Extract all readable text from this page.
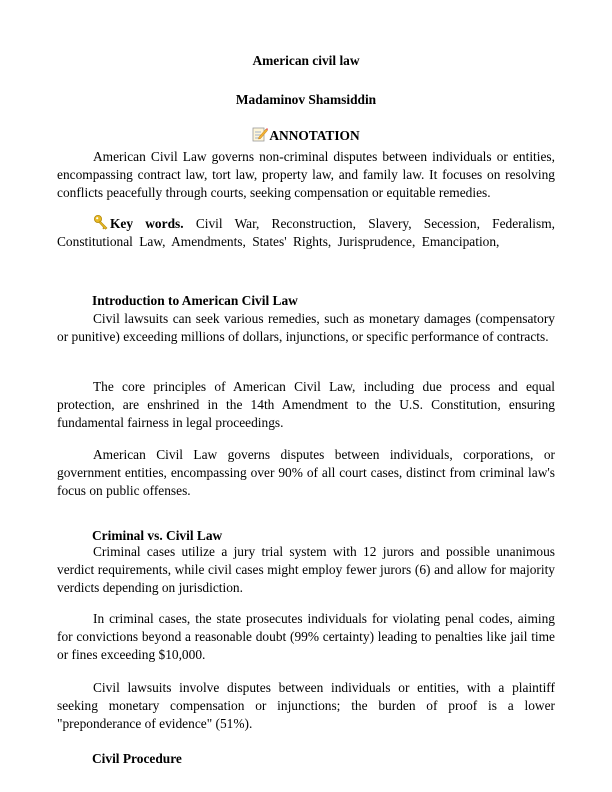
American civil law
Madaminov Shamsiddin
ANNOTATION
American Civil Law governs non-criminal disputes between individuals or entities, encompassing contract law, tort law, property law, and family law. It focuses on resolving conflicts peacefully through courts, seeking compensation or equitable remedies.
Key words. Civil War, Reconstruction, Slavery, Secession, Federalism,
Constitutional Law, Amendments, States' Rights, Jurisprudence, Emancipation,
Introduction to American Civil Law
Civil lawsuits can seek various remedies, such as monetary damages (compensatory or punitive) exceeding millions of dollars, injunctions, or specific performance of contracts.
The core principles of American Civil Law, including due process and equal protection, are enshrined in the 14th Amendment to the U.S. Constitution, ensuring fundamental fairness in legal proceedings.
American Civil Law governs disputes between individuals, corporations, or government entities, encompassing over 90% of all court cases, distinct from criminal law's focus on public offenses.
Criminal vs. Civil Law
Criminal cases utilize a jury trial system with 12 jurors and possible unanimous verdict requirements, while civil cases might employ fewer jurors (6) and allow for majority verdicts depending on jurisdiction.
In criminal cases, the state prosecutes individuals for violating penal codes, aiming for convictions beyond a reasonable doubt (99% certainty) leading to penalties like jail time or fines exceeding $10,000.
Civil lawsuits involve disputes between individuals or entities, with a plaintiff seeking monetary compensation or injunctions; the burden of proof is a lower "preponderance of evidence" (51%).
Civil Procedure
